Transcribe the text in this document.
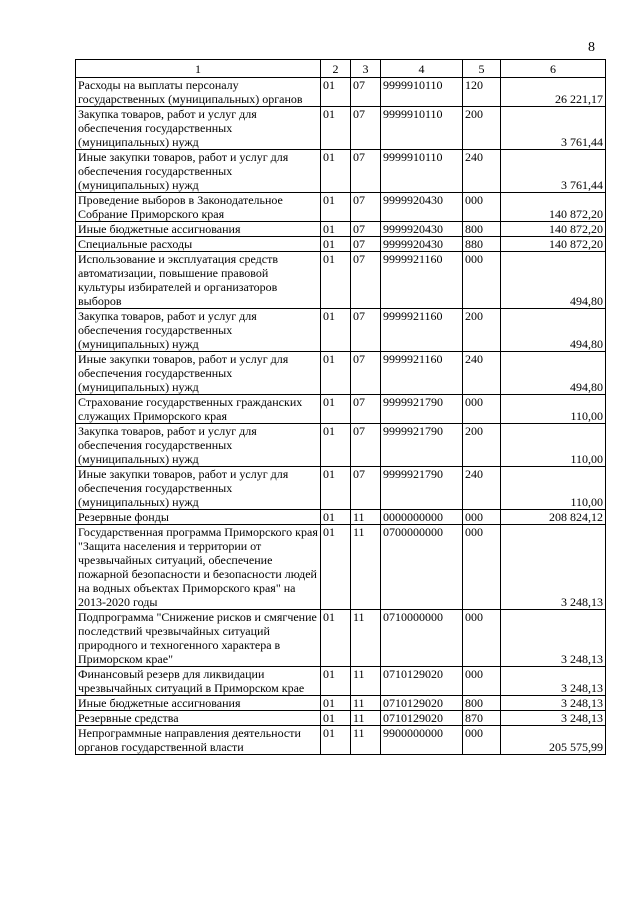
8
1	2	3	4	5	6
Расходы на выплаты персоналу государственных (муниципальных) органов	01	07	9999910110	120	26 221,17
Закупка товаров, работ и услуг для обеспечения государственных (муниципальных) нужд	01	07	9999910110	200	3 761,44
Иные закупки товаров, работ и услуг для обеспечения государственных (муниципальных) нужд	01	07	9999910110	240	3 761,44
Проведение выборов в Законодательное Собрание Приморского края	01	07	9999920430	000	140 872,20
Иные бюджетные ассигнования	01	07	9999920430	800	140 872,20
Специальные расходы	01	07	9999920430	880	140 872,20
Использование и эксплуатация средств автоматизации, повышение правовой культуры избирателей и организаторов выборов	01	07	9999921160	000	494,80
Закупка товаров, работ и услуг для обеспечения государственных (муниципальных) нужд	01	07	9999921160	200	494,80
Иные закупки товаров, работ и услуг для обеспечения государственных (муниципальных) нужд	01	07	9999921160	240	494,80
Страхование государственных гражданских служащих Приморского края	01	07	9999921790	000	110,00
Закупка товаров, работ и услуг для обеспечения государственных (муниципальных) нужд	01	07	9999921790	200	110,00
Иные закупки товаров, работ и услуг для обеспечения государственных (муниципальных) нужд	01	07	9999921790	240	110,00
Резервные фонды	01	11	0000000000	000	208 824,12
Государственная программа Приморского края "Защита населения и территории от чрезвычайных ситуаций, обеспечение пожарной безопасности и безопасности людей на водных объектах Приморского края" на 2013-2020 годы	01	11	0700000000	000	3 248,13
Подпрограмма "Снижение рисков и смягчение последствий чрезвычайных ситуаций природного и техногенного характера в Приморском крае"	01	11	0710000000	000	3 248,13
Финансовый резерв для ликвидации чрезвычайных ситуаций в Приморском крае	01	11	0710129020	000	3 248,13
Иные бюджетные ассигнования	01	11	0710129020	800	3 248,13
Резервные средства	01	11	0710129020	870	3 248,13
Непрограммные направления деятельности органов государственной власти	01	11	9900000000	000	205 575,99
